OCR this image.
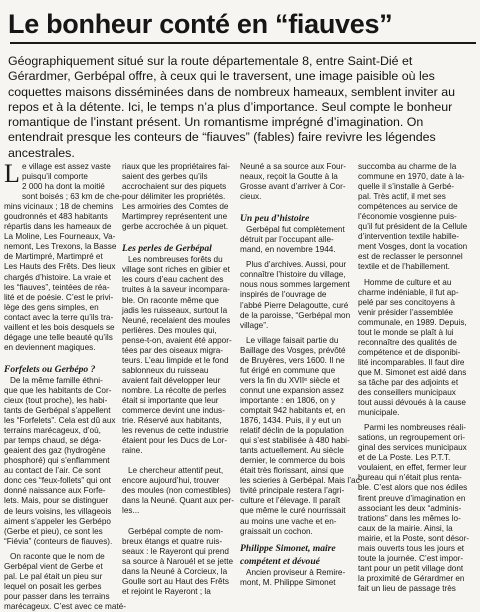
Le bonheur conté en “fiauves”
Géographiquement situé sur la route départementale 8, entre Saint-Dié et
Gérardmer, Gerbépal offre, à ceux qui le traversent, une image paisible où les
coquettes maisons disséminées dans de nombreux hameaux, semblent inviter au
repos et à la détente. Ici, le temps n’a plus d’importance. Seul compte le bonheur
romantique de l’instant présent. Un romantisme imprégné d’imagination. On
entendrait presque les conteurs de “fiauves” (fables) faire revivre les légendes
ancestrales.
L e village est assez vaste
puisqu’il comporte
2 000 ha dont la moitié
sont boisés ; 63 km de che-
mins vicinaux ; 18 de chemins
goudronnés et 483 habitants
répartis dans les hameaux de
La Moline, Les Fourneaux, Va-
nemont, Les Trexons, la Basse
de Martimpré, Martimpré et
Les Hauts des Frêts. Des lieux
chargés d’histoire. La vraie et
les “fiauves”, teintées de réa-
lité et de poésie. C’est le privi-
lège des gens simples, en
contact avec la terre qu’ils tra-
vaillent et les bois desquels se
dégage une telle beauté qu’ils
en deviennent magiques.
Forfelets ou Gerbépo ?
De la même famille éthni-
que que les habitants de Cor-
cieux (tout proche), les habi-
tants de Gerbépal s’appellent
les “Forfelets”. Cela est dû aux
terrains marécageux, d’où,
par temps chaud, se déga-
geaient des gaz (hydrogène
phosphoré) qui s’enflamment
au contact de l’air. Ce sont
donc ces “feux-follets” qui ont
donné naissance aux Forfe-
lets. Mais, pour se distinguer
de leurs voisins, les villageois
aiment s’appeler les Gerbépo
(Gerbe et pieu), ce sont les
“Fiévia” (conteurs de fiauves).
On raconte que le nom de
Gerbépal vient de Gerbe et
pal. Le pal était un pieu sur
lequel on posait les gerbes
pour passer dans les terrains
marécageux. C’est avec ce maté-
riaux que les propriétaires fai-
saient des gerbes qu’ils
accrochaient sur des piquets
pour délimiter les propriétés.
Les armoiries des Comtes de
Martimprey représentent une
gerbe accrochée à un piquet.
Les perles de Gerbépal
Les nombreuses forêts du
village sont riches en gibier et
les cours d’eau cachent des
truites à la saveur incompara-
ble. On raconte même que
jadis les ruisseaux, surtout la
Neuné, recelaient des moules
perlières. Des moules qui,
pense-t-on, avaient été appor-
tées par des oiseaux migra-
teurs. L’eau limpide et le fond
sablonneux du ruisseau
avaient fait développer leur
nombre. La récolte de perles
était si importante que leur
commerce devint une indus-
trie. Réservé aux habitants,
les revenus de cette industrie
étaient pour les Ducs de Lor-
raine.
Le chercheur attentif peut,
encore aujourd’hui, trouver
des moules (non comestibles)
dans la Neuné. Quant aux per-
les...
Gerbépal compte de nom-
breux étangs et quatre ruis-
seaux : le Rayeront qui prend
sa source à Narouél et se jette
dans la Neuné à Corcieux, la
Goulle sort au Haut des Frêts
et rejoint le Rayeront ; la
Neuné a sa source aux Four-
neaux, reçoit la Goutte à la
Grosse avant d’arriver à Cor-
cieux.
Un peu d’histoire
Gerbépal fut complètement
détruit par l’occupant alle-
mand, en novembre 1944.
Plus d’archives. Aussi, pour
connaître l’histoire du village,
nous nous sommes largement
inspirés de l’ouvrage de
l’abbé Pierre Delagoutte, curé
de la paroisse, “Gerbépal mon
village”.
Le village faisait partie du
Baillage des Vosges, prévôté
de Bruyères, vers 1600. Il ne
fut érigé en commune que
vers la fin du XVIIᵉ siècle et
connut une expansion assez
importante : en 1806, on y
comptait 942 habitants et, en
1876, 1434. Puis, il y eut un
relatif déclin de la population
qui s’est stabilisée à 480 habi-
tants actuellement. Au siècle
dernier, le commerce du bois
était très florissant, ainsi que
les scieries à Gerbépal. Mais l’ac-
tivité principale restera l’agri-
culture et l’élevage. Il paraît
que même le curé nourrissait
au moins une vache et en-
graissait un cochon.
Philippe Simonet, maire
compétent et dévoué
Ancien proviseur à Remire-
mont, M. Philippe Simonet
succomba au charme de la
commune en 1970, date à la-
quelle il s’installe à Gerbé-
pal. Très actif, il met ses
compétences au service de
l’économie vosgienne puis-
qu’il fut président de la Cellule
d’intervention textile habille-
ment Vosges, dont la vocation
est de reclasser le personnel
textile et de l’habillement.
Homme de culture et au
charme indéniable, il fut ap-
pelé par ses concitoyens à
venir présider l’assemblée
communale, en 1989. Depuis,
tout le monde se plaît à lui
reconnaître des qualités de
compétence et de disponibi-
lité incomparables. Il faut dire
que M. Simonet est aidé dans
sa tâche par des adjoints et
des conseillers municipaux
tout aussi dévoués à la cause
municipale.
Parmi les nombreuses réali-
sations, un regroupement ori-
ginal des services municipaux
et de La Poste. Les P.T.T.
voulaient, en effet, fermer leur
bureau qui n’était plus renta-
ble. C’est alors que nos édiles
firent preuve d’imagination en
associant les deux “adminis-
trations” dans les mêmes lo-
caux de la mairie. Ainsi, la
mairie, et la Poste, sont désor-
mais ouverts tous les jours et
toute la journée. C’est impor-
tant pour un petit village dont
la proximité de Gérardmer en
fait un lieu de passage très
